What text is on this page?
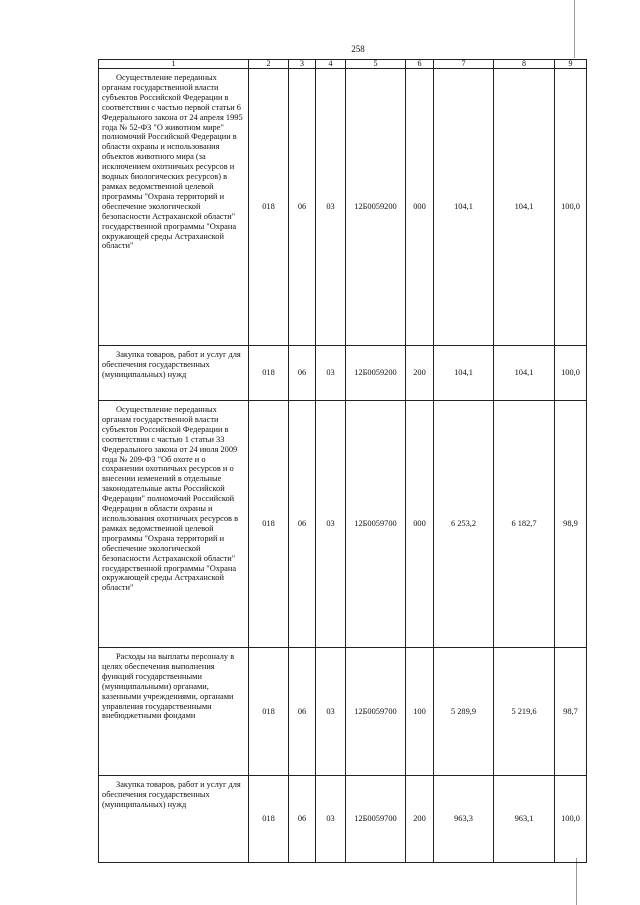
258
1	2	3	4	5	6	7	8	9
Осуществление переданных органам государственной власти субъектов Российской Федерации в соответствии с частью первой статьи 6 Федерального закона от 24 апреля 1995 года № 52-ФЗ "О животном мире" полномочий Российской Федерации в области охраны и использования объектов животного мира (за исключением охотничьих ресурсов и водных биологических ресурсов) в рамках ведомственной целевой программы "Охрана территорий и обеспечение экологической безопасности Астраханской области" государственной программы "Охрана окружающей среды Астраханской области"	018	06	03	12Б0059200	000	104,1	104,1	100,0
Закупка товаров, работ и услуг для обеспечения государственных (муниципальных) нужд	018	06	03	12Б0059200	200	104,1	104,1	100,0
Осуществление переданных органам государственной власти субъектов Российской Федерации в соответствии с частью 1 статьи 33 Федерального закона от 24 июля 2009 года № 209-ФЗ "Об охоте и о сохранении охотничьих ресурсов и о внесении изменений в отдельные законодательные акты Российской Федерации" полномочий Российской Федерации в области охраны и использования охотничьих ресурсов в рамках ведомственной целевой программы "Охрана территорий и обеспечение экологической безопасности Астраханской области" государственной программы "Охрана окружающей среды Астраханской области"	018	06	03	12Б0059700	000	6 253,2	6 182,7	98,9
Расходы на выплаты персоналу в целях обеспечения выполнения функций государственными (муниципальными) органами, казенными учреждениями, органами управления государственными внебюджетными фондами	018	06	03	12Б0059700	100	5 289,9	5 219,6	98,7
Закупка товаров, работ и услуг для обеспечения государственных (муниципальных) нужд	018	06	03	12Б0059700	200	963,3	963,1	100,0
